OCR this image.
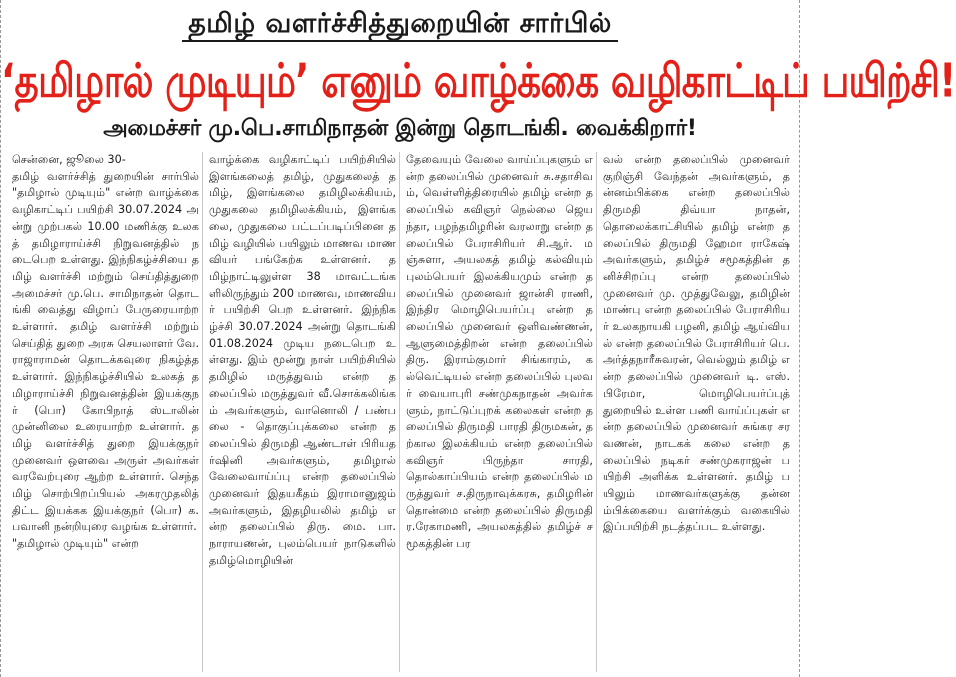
தமிழ் வளர்ச்சித்துறையின் சார்பில்
‘தமிழால் முடியும்’ எனும் வாழ்க்கை வழிகாட்டிப் பயிற்சி!
அமைச்சர் மு.பெ.சாமிநாதன் இன்று தொடங்கி. வைக்கிறார்!
சென்னை, ஜூலை 30-
தமிழ் வளர்ச்சித் துறையின் சார்பில் "தமிழால் முடியும்" என்ற வாழ்க்கை வழிகாட்டிப் பயிற்சி 30.07.2024 அன்று முற்பகல் 10.00 மணிக்கு உலகத் தமிழாராய்ச்சி நிறுவனத்தில் நடைபெற உள்ளது. இந்நிகழ்ச்சியை தமிழ் வளர்ச்சி மற்றும் செய்தித்துறை அமைச்சர் மு.பெ. சாமிநாதன் தொடங்கி வைத்து விழாப் பேருரையாற்ற உள்ளார். தமிழ் வளர்ச்சி மற்றும் செய்தித் துறை அரசு செயலாளர் வே. ராஜாராமன் தொடக்கவுரை நிகழ்த்த உள்ளார். இந்நிகழ்ச்சியில் உலகத் தமிழாராய்ச்சி நிறுவனத்தின் இயக்குநர் (பொ) கோபிநாத் ஸ்டாலின் முன்னிலை உரையாற்ற உள்ளார். தமிழ் வளர்ச்சித் துறை இயக்குநர் முனைவர் ஒளவை அருள் அவர்கள் வரவேற்புரை ஆற்ற உள்ளார். செந்தமிழ் சொற்பிறப்பியல் அகரமுதலித் திட்ட இயக்கக இயக்குநர் (பொ) க. பவானி நன்றியுரை வழங்க உள்ளார்.
"தமிழால் முடியும்" என்ற
வாழ்க்கை வழிகாட்டிப் பயிற்சியில் இளங்கலைத் தமிழ், முதுகலைத் தமிழ், இளங்கலை தமிழிலக்கியம், முதுகலை தமிழிலக்கியம், இளங்கலை, முதுகலை பட்டப்படிப்பினை தமிழ் வழியில் பயிலும் மாணவ மாணவியர் பங்கேற்க உள்ளனர். தமிழ்நாட்டிலுள்ள 38 மாவட்டங்களிலிருந்தும் 200 மாணவ, மாணவியர் பயிற்சி பெற உள்ளனர். இந்நிகழ்ச்சி 30.07.2024 அன்று தொடங்கி 01.08.2024 முடிய நடைபெற உள்ளது. இம் மூன்று நாள் பயிற்சியில் தமிழில் மருத்துவம் என்ற தலைப்பில் மருத்துவர் வீ.சொக்கலிங்கம் அவர்களும், வானொலி / பண்பலை - தொகுப்புக்கலை என்ற தலைப்பில் திருமதி ஆண்டாள் பிரியதர்ஷினி அவர்களும், தமிழால் வேலைவாய்ப்பு என்ற தலைப்பில் முனைவர் இதயகீதம் இராமானுஜம் அவர்களும், இதழியலில் தமிழ் என்ற தலைப்பில் திரு. மை. பா. நாராயணன், புலம்பெயர் நாடுகளில் தமிழ்மொழியின்
தேவையும் வேலை வாய்ப்புகளும் என்ற தலைப்பில் முனைவர் சு.சதாசிவம், வெள்ளித்திரையில் தமிழ் என்ற தலைப்பில் கவிஞர் நெல்லை ஜெயந்தா, பழந்தமிழரின் வரலாறு என்ற தலைப்பில் பேராசிரியர் சி.ஆர். மஞ்சுளா, அயலகத் தமிழ் கல்வியும் புலம்பெயர் இலக்கியமும் என்ற தலைப்பில் முனைவர் ஜான்சி ராணி, இந்திர மொழிபெயர்ப்பு என்ற தலைப்பில் முனைவர் ஒளிவண்ணன், ஆளுமைத்திறன் என்ற தலைப்பில் திரு. இராம்குமார் சிங்காரம், கல்வெட்டியல் என்ற தலைப்பில் புலவர் வையாபுரி சண்முகநாதன் அவர்களும், நாட்டுப்புறக் கலைகள் என்ற தலைப்பில் திருமதி பாரதி திருமகன், தற்கால இலக்கியம் என்ற தலைப்பில் கவிஞர் பிருந்தா சாரதி, தொல்காப்பியம் என்ற தலைப்பில் மருத்துவர் ச.திருநாவுக்கரசு, தமிழரின் தொன்மை என்ற தலைப்பில் திருமதி ர.ரேகாமணி, அயலகத்தில் தமிழ்ச் சமூகத்தின் பர
வல் என்ற தலைப்பில் முனைவர் குறிஞ்சி வேந்தன் அவர்களும், தன்னம்பிக்கை என்ற தலைப்பில் திருமதி திவ்யா நாதன், தொலைக்காட்சியில் தமிழ் என்ற தலைப்பில் திருமதி ஹேமா ராகேஷ் அவர்களும், தமிழ்ச் சமூகத்தின் தனிச்சிறப்பு என்ற தலைப்பில் முனைவர் மு. முத்துவேலு, தமிழின் மாண்பு என்ற தலைப்பில் பேராசிரியர் உலகநாயகி பழனி, தமிழ் ஆய்வியல் என்ற தலைப்பில் பேராசிரியர் பெ. அர்த்தநாரீசுவரன், வெல்லும் தமிழ் என்ற தலைப்பில் முனைவர் டி. எஸ். பிரேமா, மொழிபெயர்ப்புத் துறையில் உள்ள பணி வாய்ப்புகள் என்ற தலைப்பில் முனைவர் சுங்கர சரவணன், நாடகக் கலை என்ற தலைப்பில் நடிகர் சண்முகராஜன் பயிற்சி அளிக்க உள்ளனர். தமிழ் பயிலும் மாணவர்களுக்கு தன்னம்பிக்கையை வளர்க்கும் வகையில் இப்பயிற்சி நடத்தப்பட உள்ளது.
